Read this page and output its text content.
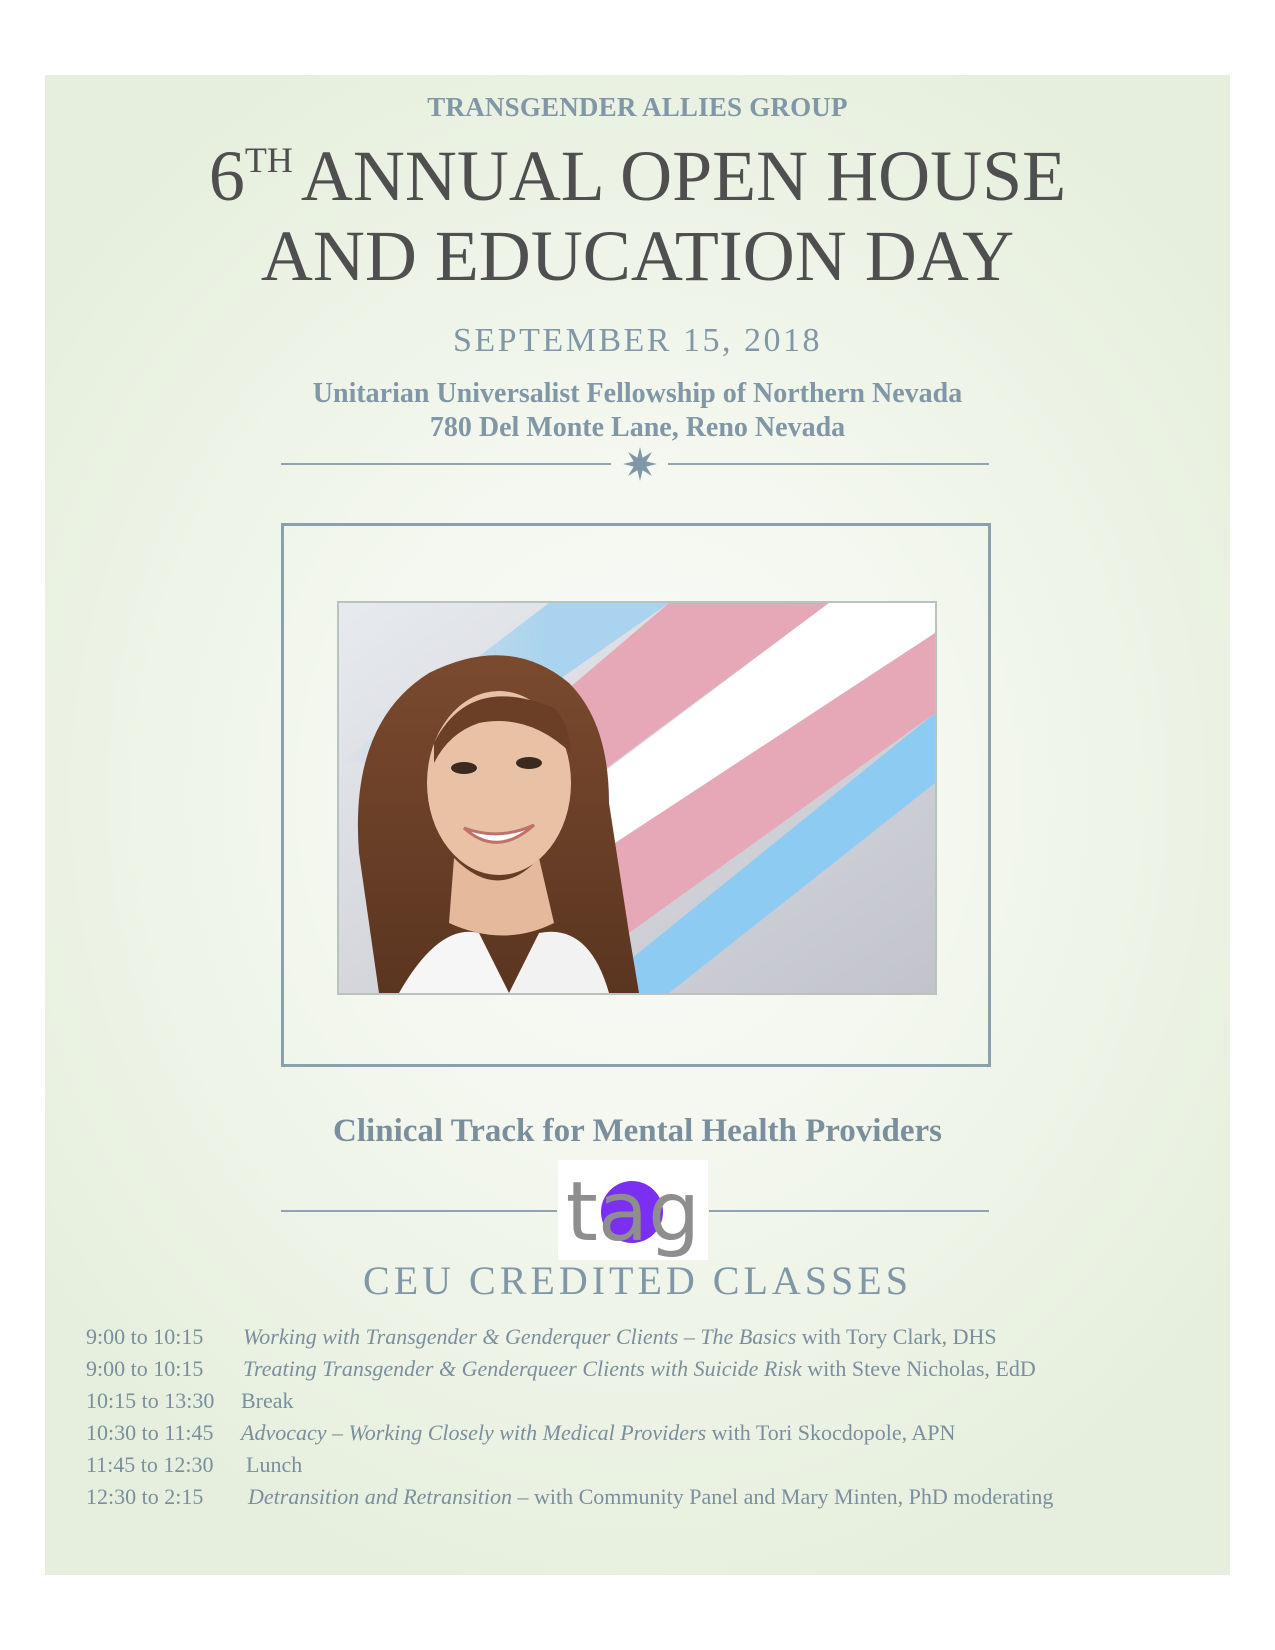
TRANSGENDER ALLIES GROUP
6TH ANNUAL OPEN HOUSE
AND EDUCATION DAY
SEPTEMBER 15, 2018
Unitarian Universalist Fellowship of Northern Nevada
780 Del Monte Lane, Reno Nevada
Clinical Track for Mental Health Providers
tag
CEU CREDITED CLASSES
9:00 to 10:15 Working with Transgender & Genderquer Clients – The Basics with Tory Clark, DHS
9:00 to 10:15 Treating Transgender & Genderqueer Clients with Suicide Risk with Steve Nicholas, EdD
10:15 to 13:30 Break
10:30 to 11:45 Advocacy – Working Closely with Medical Providers with Tori Skocdopole, APN
11:45 to 12:30 Lunch
12:30 to 2:15 Detransition and Retransition – with Community Panel and Mary Minten, PhD moderating
